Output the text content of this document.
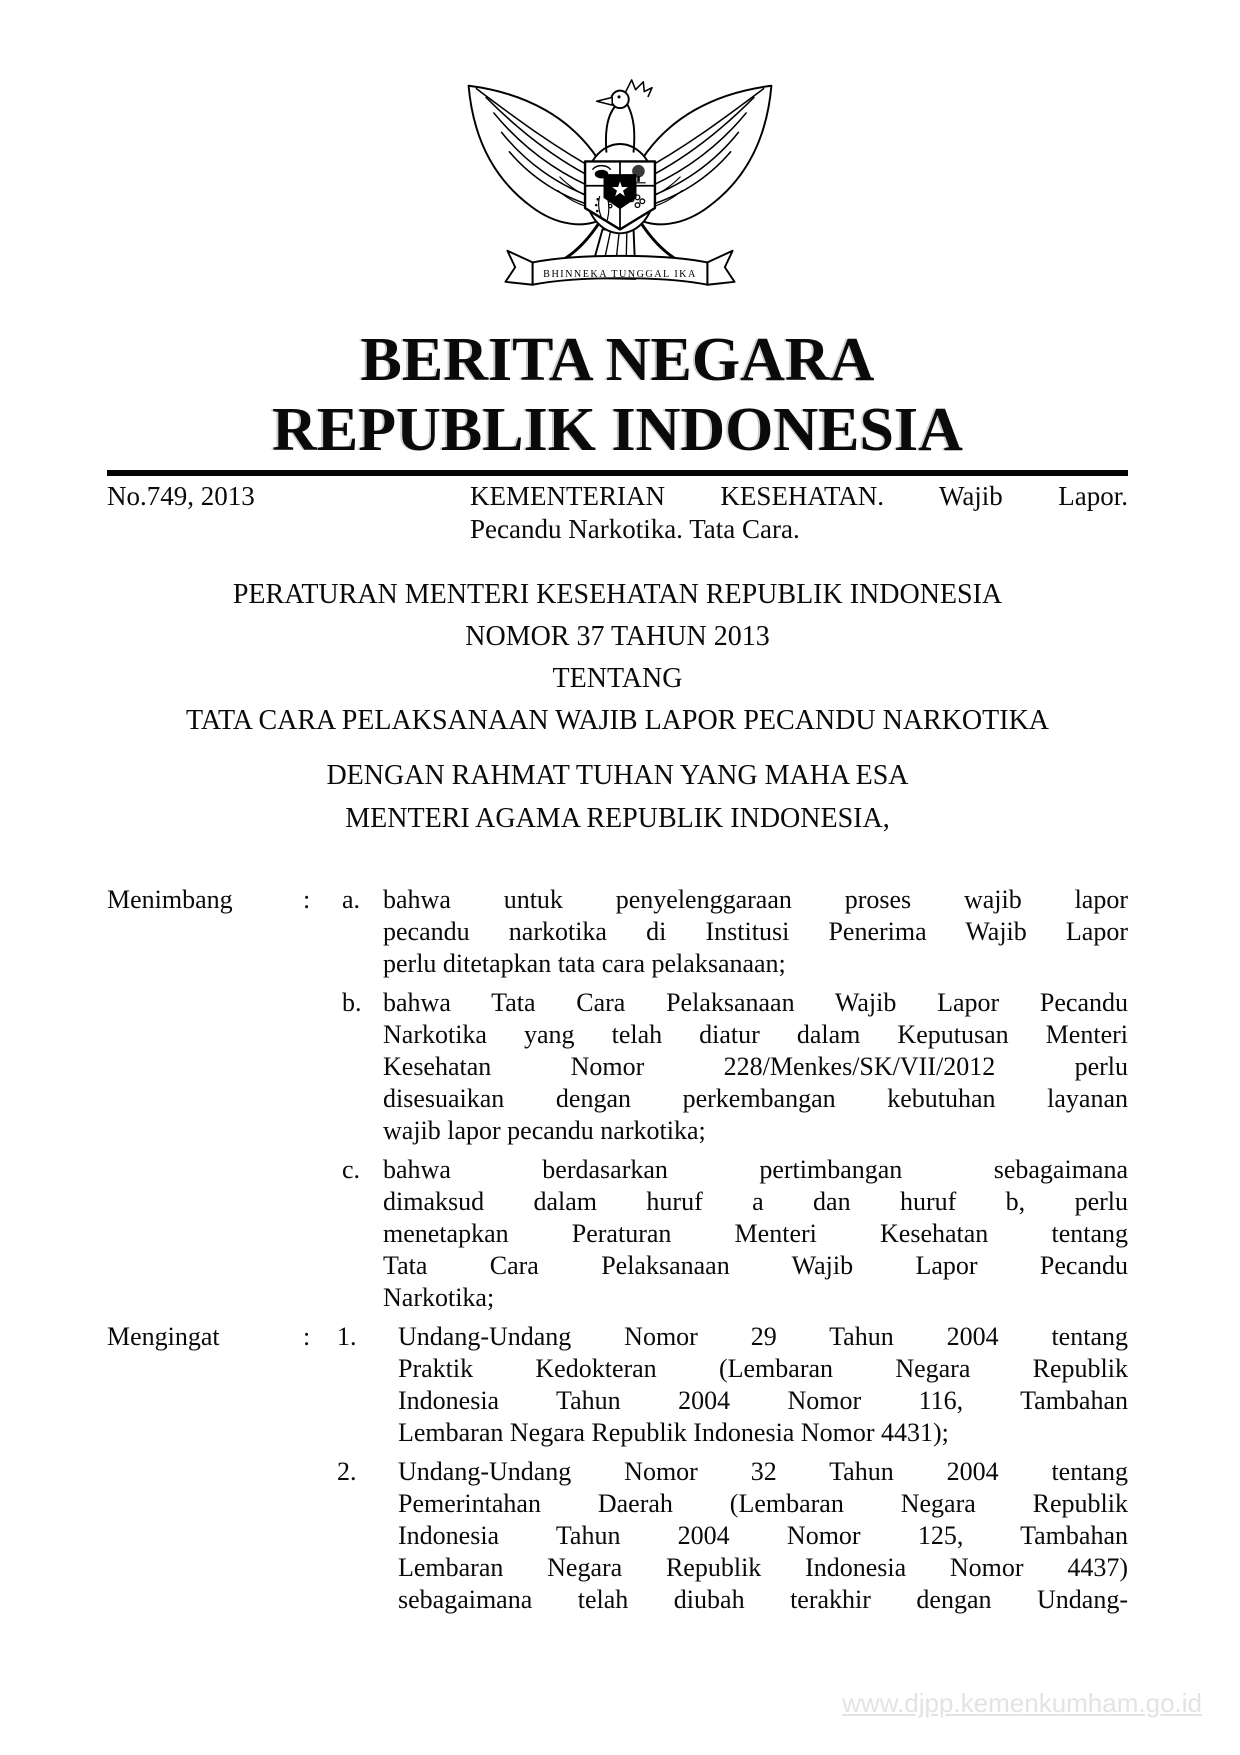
BHINNEKA TUNGGAL IKA
BERITA NEGARA
REPUBLIK INDONESIA
No.749, 2013	KEMENTERIAN KESEHATAN. Wajib Lapor.
Pecandu Narkotika. Tata Cara.
PERATURAN MENTERI KESEHATAN REPUBLIK INDONESIA
NOMOR 37 TAHUN 2013
TENTANG
TATA CARA PELAKSANAAN WAJIB LAPOR PECANDU NARKOTIKA
DENGAN RAHMAT TUHAN YANG MAHA ESA
MENTERI AGAMA REPUBLIK INDONESIA,
Menimbang	:	a. bahwa untuk penyelenggaraan proses wajib lapor
pecandu narkotika di Institusi Penerima Wajib Lapor
perlu ditetapkan tata cara pelaksanaan;
b. bahwa Tata Cara Pelaksanaan Wajib Lapor Pecandu
Narkotika yang telah diatur dalam Keputusan Menteri
Kesehatan Nomor 228/Menkes/SK/VII/2012 perlu
disesuaikan dengan perkembangan kebutuhan layanan
wajib lapor pecandu narkotika;
c. bahwa berdasarkan pertimbangan sebagaimana
dimaksud dalam huruf a dan huruf b, perlu
menetapkan Peraturan Menteri Kesehatan tentang
Tata Cara Pelaksanaan Wajib Lapor Pecandu
Narkotika;
Mengingat	:	1.	Undang-Undang Nomor 29 Tahun 2004 tentang
Praktik Kedokteran (Lembaran Negara Republik
Indonesia Tahun 2004 Nomor 116, Tambahan
Lembaran Negara Republik Indonesia Nomor 4431);
2.	Undang-Undang Nomor 32 Tahun 2004 tentang
Pemerintahan Daerah (Lembaran Negara Republik
Indonesia Tahun 2004 Nomor 125, Tambahan
Lembaran Negara Republik Indonesia Nomor 4437)
sebagaimana telah diubah terakhir dengan Undang-
www.djpp.kemenkumham.go.id
